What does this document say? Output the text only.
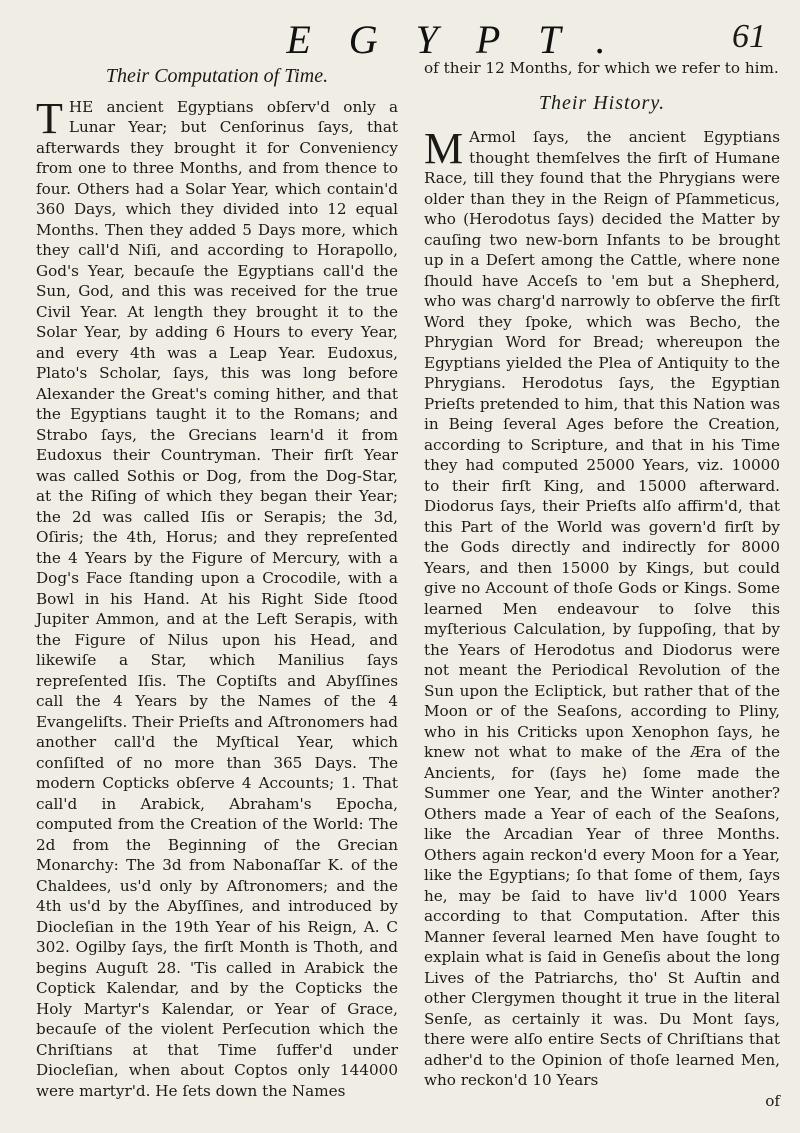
EGYPT.	61
Their Computation of Time.

THE ancient Egyptians obſerv'd only a Lunar Year; but Cenſorinus ſays, that afterwards they brought it for Conveniency from one to three Months, and from thence to four. Others had a Solar Year, which contain'd 360 Days, which they divided into 12 equal Months. Then they added 5 Days more, which they call'd Niſi, and according to Horapollo, God's Year, becauſe the Egyptians call'd the Sun, God, and this was received for the true Civil Year. At length they brought it to the Solar Year, by adding 6 Hours to every Year, and every 4th was a Leap Year. Eudoxus, Plato's Scholar, ſays, this was long before Alexander the Great's coming hither, and that the Egyptians taught it to the Romans; and Strabo ſays, the Grecians learn'd it from Eudoxus their Countryman. Their firſt Year was called Sothis or Dog, from the Dog-Star, at the Riſing of which they began their Year; the 2d was called Iſis or Serapis; the 3d, Oſiris; the 4th, Horus; and they repreſented the 4 Years by the Figure of Mercury, with a Dog's Face ſtanding upon a Crocodile, with a Bowl in his Hand. At his Right Side ſtood Jupiter Ammon, and at the Left Serapis, with the Figure of Nilus upon his Head, and likewiſe a Star, which Manilius ſays repreſented Iſis. The Coptiſts and Abyſſines call the 4 Years by the Names of the 4 Evangeliſts. Their Prieſts and Aſtronomers had another call'd the Myſtical Year, which conſiſted of no more than 365 Days. The modern Copticks obſerve 4 Accounts; 1. That call'd in Arabick, Abraham's Epocha, computed from the Creation of the World: The 2d from the Beginning of the Grecian Monarchy: The 3d from Nabonaſſar K. of the Chaldees, us'd only by Aſtronomers; and the 4th us'd by the Abyſſines, and introduced by Diocleſian in the 19th Year of his Reign, A. C 302. Ogilby ſays, the firſt Month is Thoth, and begins Auguſt 28. 'Tis called in Arabick the Coptick Kalendar, and by the Copticks the Holy Martyr's Kalendar, or Year of Grace, becauſe of the violent Perſecution which the Chriſtians at that Time ſuffer'd under Diocleſian, when about Coptos only 144000 were martyr'd. He ſets down the Names

of their 12 Months, for which we refer to him.

Their History.

M Armol ſays, the ancient Egyptians thought themſelves the firſt of Humane Race, till they found that the Phrygians were older than they in the Reign of Pſammeticus, who (Herodotus ſays) decided the Matter by cauſing two new-born Infants to be brought up in a Deſert among the Cattle, where none ſhould have Acceſs to 'em but a Shepherd, who was charg'd narrowly to obſerve the firſt Word they ſpoke, which was Becho, the Phrygian Word for Bread; whereupon the Egyptians yielded the Plea of Antiquity to the Phrygians. Herodotus ſays, the Egyptian Prieſts pretended to him, that this Nation was in Being ſeveral Ages before the Creation, according to Scripture, and that in his Time they had computed 25000 Years, viz. 10000 to their firſt King, and 15000 afterward. Diodorus ſays, their Prieſts alſo affirm'd, that this Part of the World was govern'd firſt by the Gods directly and indirectly for 8000 Years, and then 15000 by Kings, but could give no Account of thoſe Gods or Kings. Some learned Men endeavour to ſolve this myſterious Calculation, by ſuppoſing, that by the Years of Herodotus and Diodorus were not meant the Periodical Revolution of the Sun upon the Ecliptick, but rather that of the Moon or of the Seaſons, according to Pliny, who in his Criticks upon Xenophon ſays, he knew not what to make of the Æra of the Ancients, for (ſays he) ſome made the Summer one Year, and the Winter another? Others made a Year of each of the Seaſons, like the Arcadian Year of three Months. Others again reckon'd every Moon for a Year, like the Egyptians; ſo that ſome of them, ſays he, may be ſaid to have liv'd 1000 Years according to that Computation. After this Manner ſeveral learned Men have ſought to explain what is ſaid in Geneſis about the long Lives of the Patriarchs, tho' St Auſtin and other Clergymen thought it true in the literal Senſe, as certainly it was. Du Mont ſays, there were alſo entire Sects of Chriſtians that adher'd to the Opinion of thoſe learned Men, who reckon'd 10 Years

of
